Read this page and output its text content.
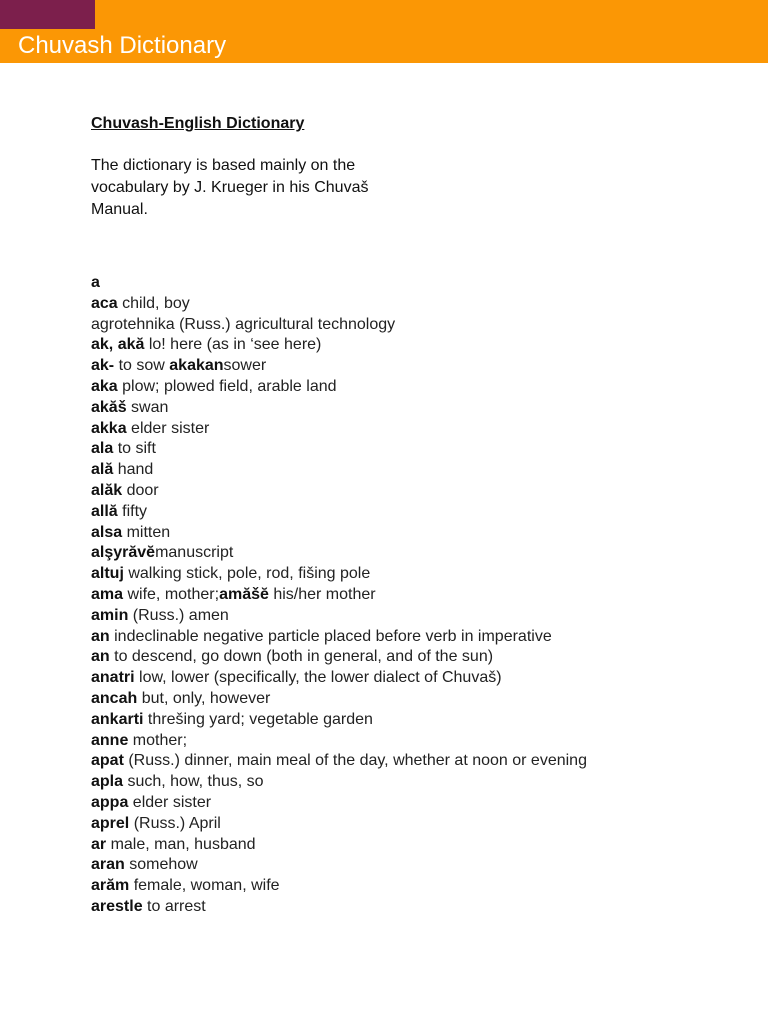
Chuvash Dictionary
Chuvash-English Dictionary
The dictionary is based mainly on the vocabulary by J. Krueger in his Chuvaš Manual.
a
aca child, boy
agrotehnika (Russ.) agricultural technology
ak, akă lo! here (as in ‘see here)
ak- to sow akakansower
aka plow; plowed field, arable land
akăš swan
akka elder sister
ala to sift
ală hand
alăk door
allă fifty
alsa mitten
alşyrăvĕmanuscript
altuj walking stick, pole, rod, fišing pole
ama wife, mother;amăšĕ his/her mother
amin (Russ.) amen
an indeclinable negative particle placed before verb in imperative
an to descend, go down (both in general, and of the sun)
anatri low, lower (specifically, the lower dialect of Chuvaš)
ancah but, only, however
ankarti threšing yard; vegetable garden
anne mother;
apat (Russ.) dinner, main meal of the day, whether at noon or evening
apla such, how, thus, so
appa elder sister
aprel (Russ.) April
ar male, man, husband
aran somehow
arăm female, woman, wife
arestle to arrest
